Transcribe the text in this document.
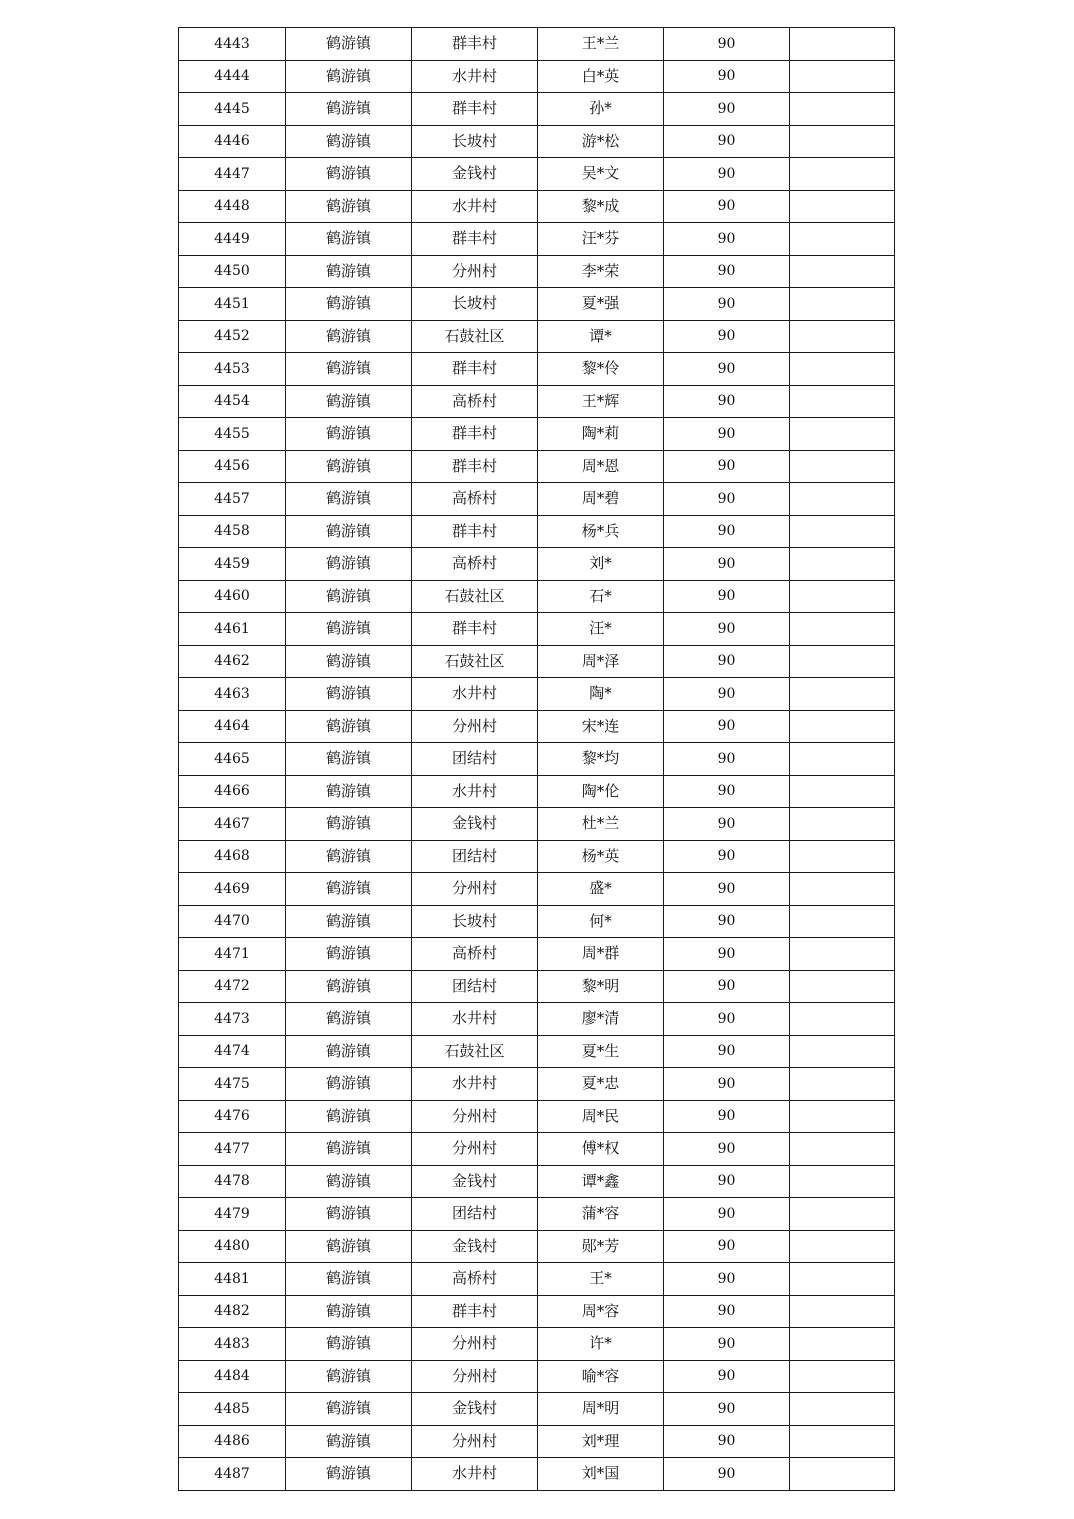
4443	鹤游镇	群丰村	王*兰	90	
4444	鹤游镇	水井村	白*英	90	
4445	鹤游镇	群丰村	孙*	90	
4446	鹤游镇	长坡村	游*松	90	
4447	鹤游镇	金钱村	吴*文	90	
4448	鹤游镇	水井村	黎*成	90	
4449	鹤游镇	群丰村	汪*芬	90	
4450	鹤游镇	分州村	李*荣	90	
4451	鹤游镇	长坡村	夏*强	90	
4452	鹤游镇	石鼓社区	谭*	90	
4453	鹤游镇	群丰村	黎*伶	90	
4454	鹤游镇	高桥村	王*辉	90	
4455	鹤游镇	群丰村	陶*莉	90	
4456	鹤游镇	群丰村	周*恩	90	
4457	鹤游镇	高桥村	周*碧	90	
4458	鹤游镇	群丰村	杨*兵	90	
4459	鹤游镇	高桥村	刘*	90	
4460	鹤游镇	石鼓社区	石*	90	
4461	鹤游镇	群丰村	汪*	90	
4462	鹤游镇	石鼓社区	周*泽	90	
4463	鹤游镇	水井村	陶*	90	
4464	鹤游镇	分州村	宋*连	90	
4465	鹤游镇	团结村	黎*均	90	
4466	鹤游镇	水井村	陶*伦	90	
4467	鹤游镇	金钱村	杜*兰	90	
4468	鹤游镇	团结村	杨*英	90	
4469	鹤游镇	分州村	盛*	90	
4470	鹤游镇	长坡村	何*	90	
4471	鹤游镇	高桥村	周*群	90	
4472	鹤游镇	团结村	黎*明	90	
4473	鹤游镇	水井村	廖*清	90	
4474	鹤游镇	石鼓社区	夏*生	90	
4475	鹤游镇	水井村	夏*忠	90	
4476	鹤游镇	分州村	周*民	90	
4477	鹤游镇	分州村	傅*权	90	
4478	鹤游镇	金钱村	谭*鑫	90	
4479	鹤游镇	团结村	蒲*容	90	
4480	鹤游镇	金钱村	郧*芳	90	
4481	鹤游镇	高桥村	王*	90	
4482	鹤游镇	群丰村	周*容	90	
4483	鹤游镇	分州村	许*	90	
4484	鹤游镇	分州村	喻*容	90	
4485	鹤游镇	金钱村	周*明	90	
4486	鹤游镇	分州村	刘*理	90	
4487	鹤游镇	水井村	刘*国	90	
